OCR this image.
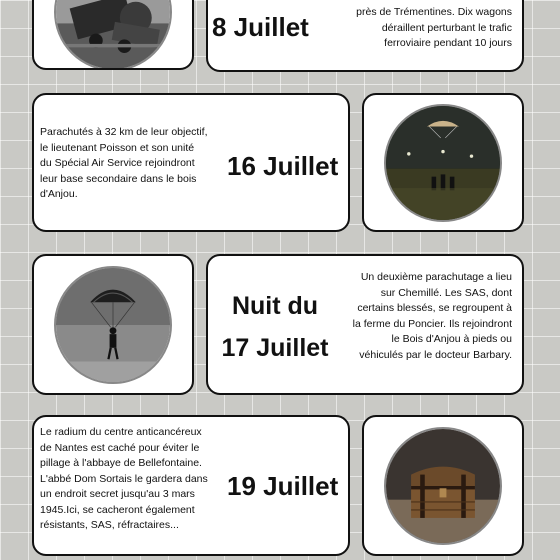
8 Juillet	près de Trémentines. Dix wagons
déraillent perturbant le trafic
ferroviaire pendant 10 jours
Parachutés à 32 km de leur objectif,
le lieutenant Poisson et son unité
du Spécial Air Service rejoindront
leur base secondaire dans le bois
d'Anjou.
16 Juillet
Nuit du
17 Juillet
Un deuxième parachutage a lieu
sur Chemillé. Les SAS, dont
certains blessés, se regroupent à
la ferme du Poncier. Ils rejoindront
le Bois d'Anjou à pieds ou
véhiculés par le docteur Barbary.
Le radium du centre anticancéreux
de Nantes est caché pour éviter le
pillage à l'abbaye de Bellefontaine.
L'abbé Dom Sortais le gardera dans
un endroit secret jusqu'au 3 mars
1945.Ici, se cacheront également
résistants, SAS, réfractaires...
19 Juillet
